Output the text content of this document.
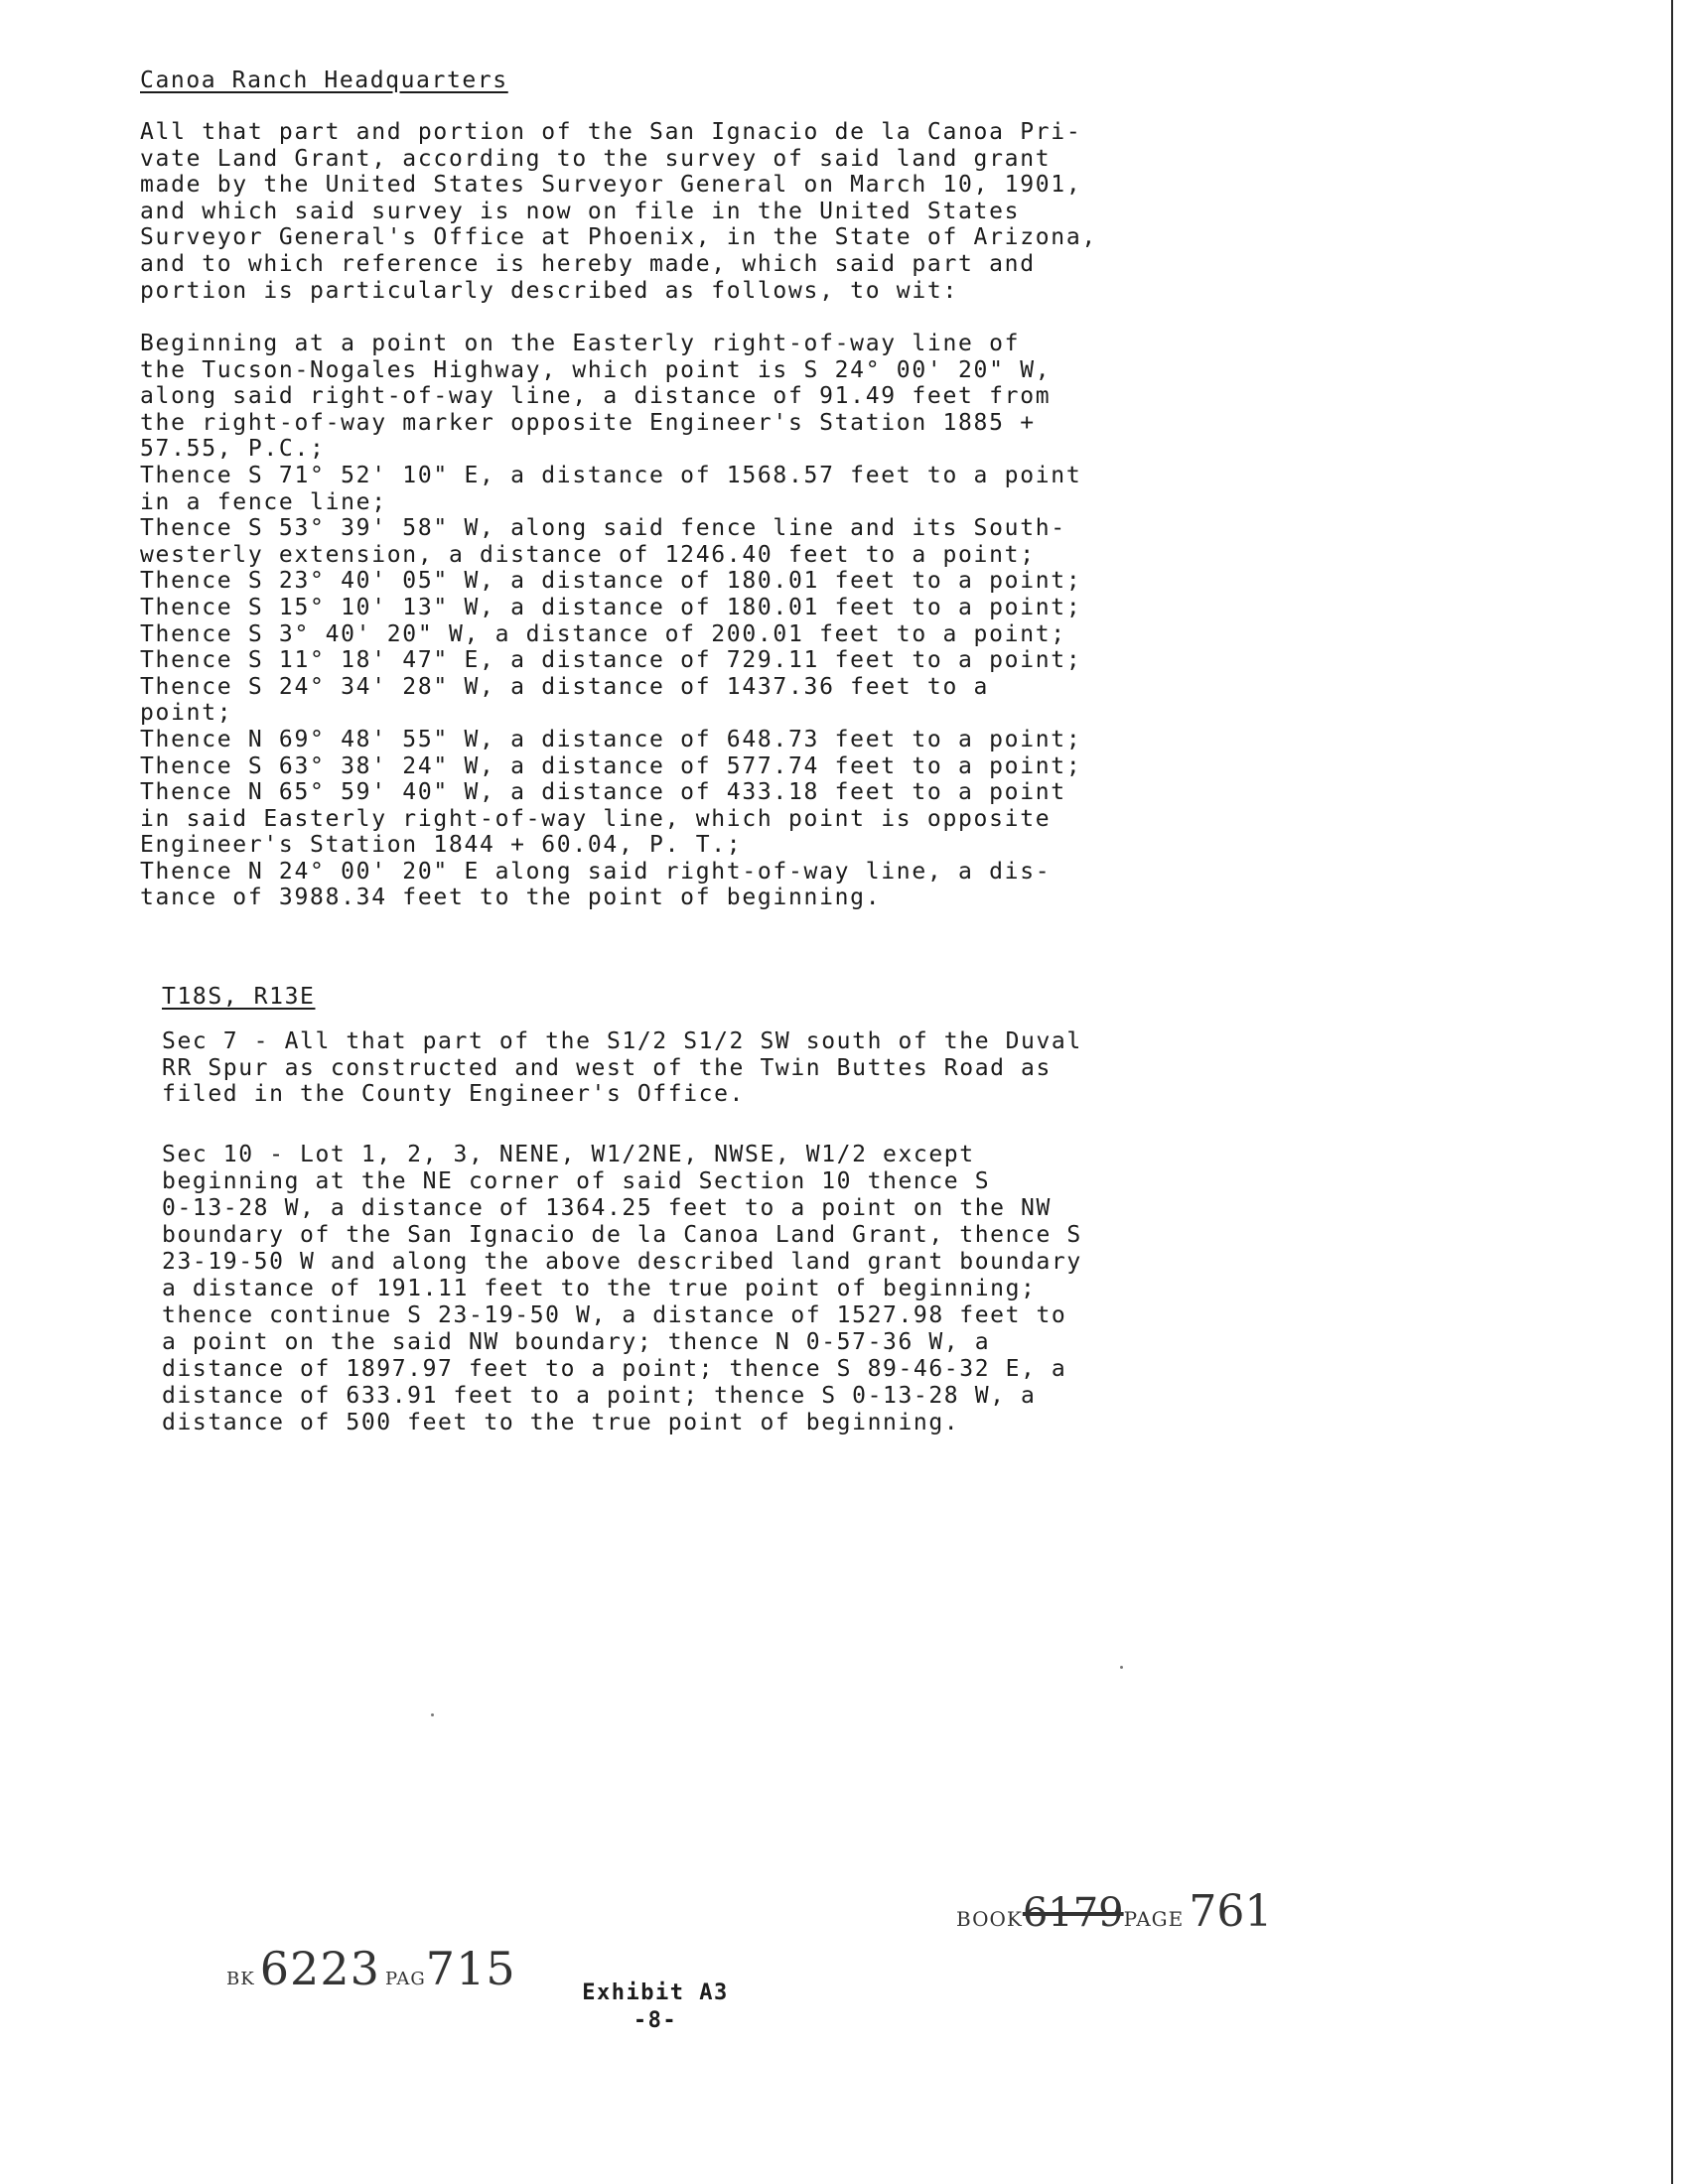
Canoa Ranch Headquarters
All that part and portion of the San Ignacio de la Canoa Pri-
vate Land Grant, according to the survey of said land grant
made by the United States Surveyor General on March 10, 1901,
and which said survey is now on file in the United States
Surveyor General's Office at Phoenix, in the State of Arizona,
and to which reference is hereby made, which said part and
portion is particularly described as follows, to wit:
Beginning at a point on the Easterly right-of-way line of
the Tucson-Nogales Highway, which point is S 24° 00' 20" W,
along said right-of-way line, a distance of 91.49 feet from
the right-of-way marker opposite Engineer's Station 1885 +
57.55, P.C.;
Thence S 71° 52' 10" E, a distance of 1568.57 feet to a point
in a fence line;
Thence S 53° 39' 58" W, along said fence line and its South-
westerly extension, a distance of 1246.40 feet to a point;
Thence S 23° 40' 05" W, a distance of 180.01 feet to a point;
Thence S 15° 10' 13" W, a distance of 180.01 feet to a point;
Thence S 3° 40' 20" W, a distance of 200.01 feet to a point;
Thence S 11° 18' 47" E, a distance of 729.11 feet to a point;
Thence S 24° 34' 28" W, a distance of 1437.36 feet to a
point;
Thence N 69° 48' 55" W, a distance of 648.73 feet to a point;
Thence S 63° 38' 24" W, a distance of 577.74 feet to a point;
Thence N 65° 59' 40" W, a distance of 433.18 feet to a point
in said Easterly right-of-way line, which point is opposite
Engineer's Station 1844 + 60.04, P. T.;
Thence N 24° 00' 20" E along said right-of-way line, a dis-
tance of 3988.34 feet to the point of beginning.
T18S, R13E
Sec 7 - All that part of the S1/2 S1/2 SW south of the Duval
RR Spur as constructed and west of the Twin Buttes Road as
filed in the County Engineer's Office.
Sec 10 - Lot 1, 2, 3, NENE, W1/2NE, NWSE, W1/2 except
beginning at the NE corner of said Section 10 thence S
0-13-28 W, a distance of 1364.25 feet to a point on the NW
boundary of the San Ignacio de la Canoa Land Grant, thence S
23-19-50 W and along the above described land grant boundary
a distance of 191.11 feet to the true point of beginning;
thence continue S 23-19-50 W, a distance of 1527.98 feet to
a point on the said NW boundary; thence N 0-57-36 W, a
distance of 1897.97 feet to a point; thence S 89-46-32 E, a
distance of 633.91 feet to a point; thence S 0-13-28 W, a
distance of 500 feet to the true point of beginning.
BK 6223 PAG715
BOOK6179PAGE 761
Exhibit A3
-8-
